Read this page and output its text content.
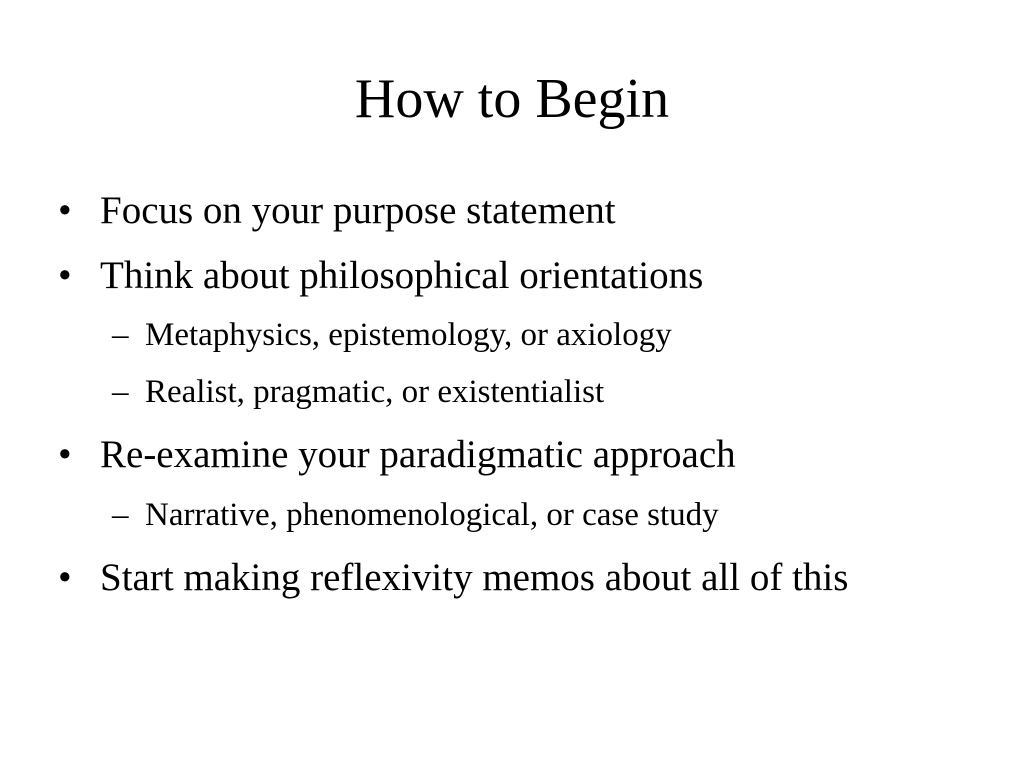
How to Begin
• Focus on your purpose statement
• Think about philosophical orientations
– Metaphysics, epistemology, or axiology
– Realist, pragmatic, or existentialist
• Re-examine your paradigmatic approach
– Narrative, phenomenological, or case study
• Start making reflexivity memos about all of this
